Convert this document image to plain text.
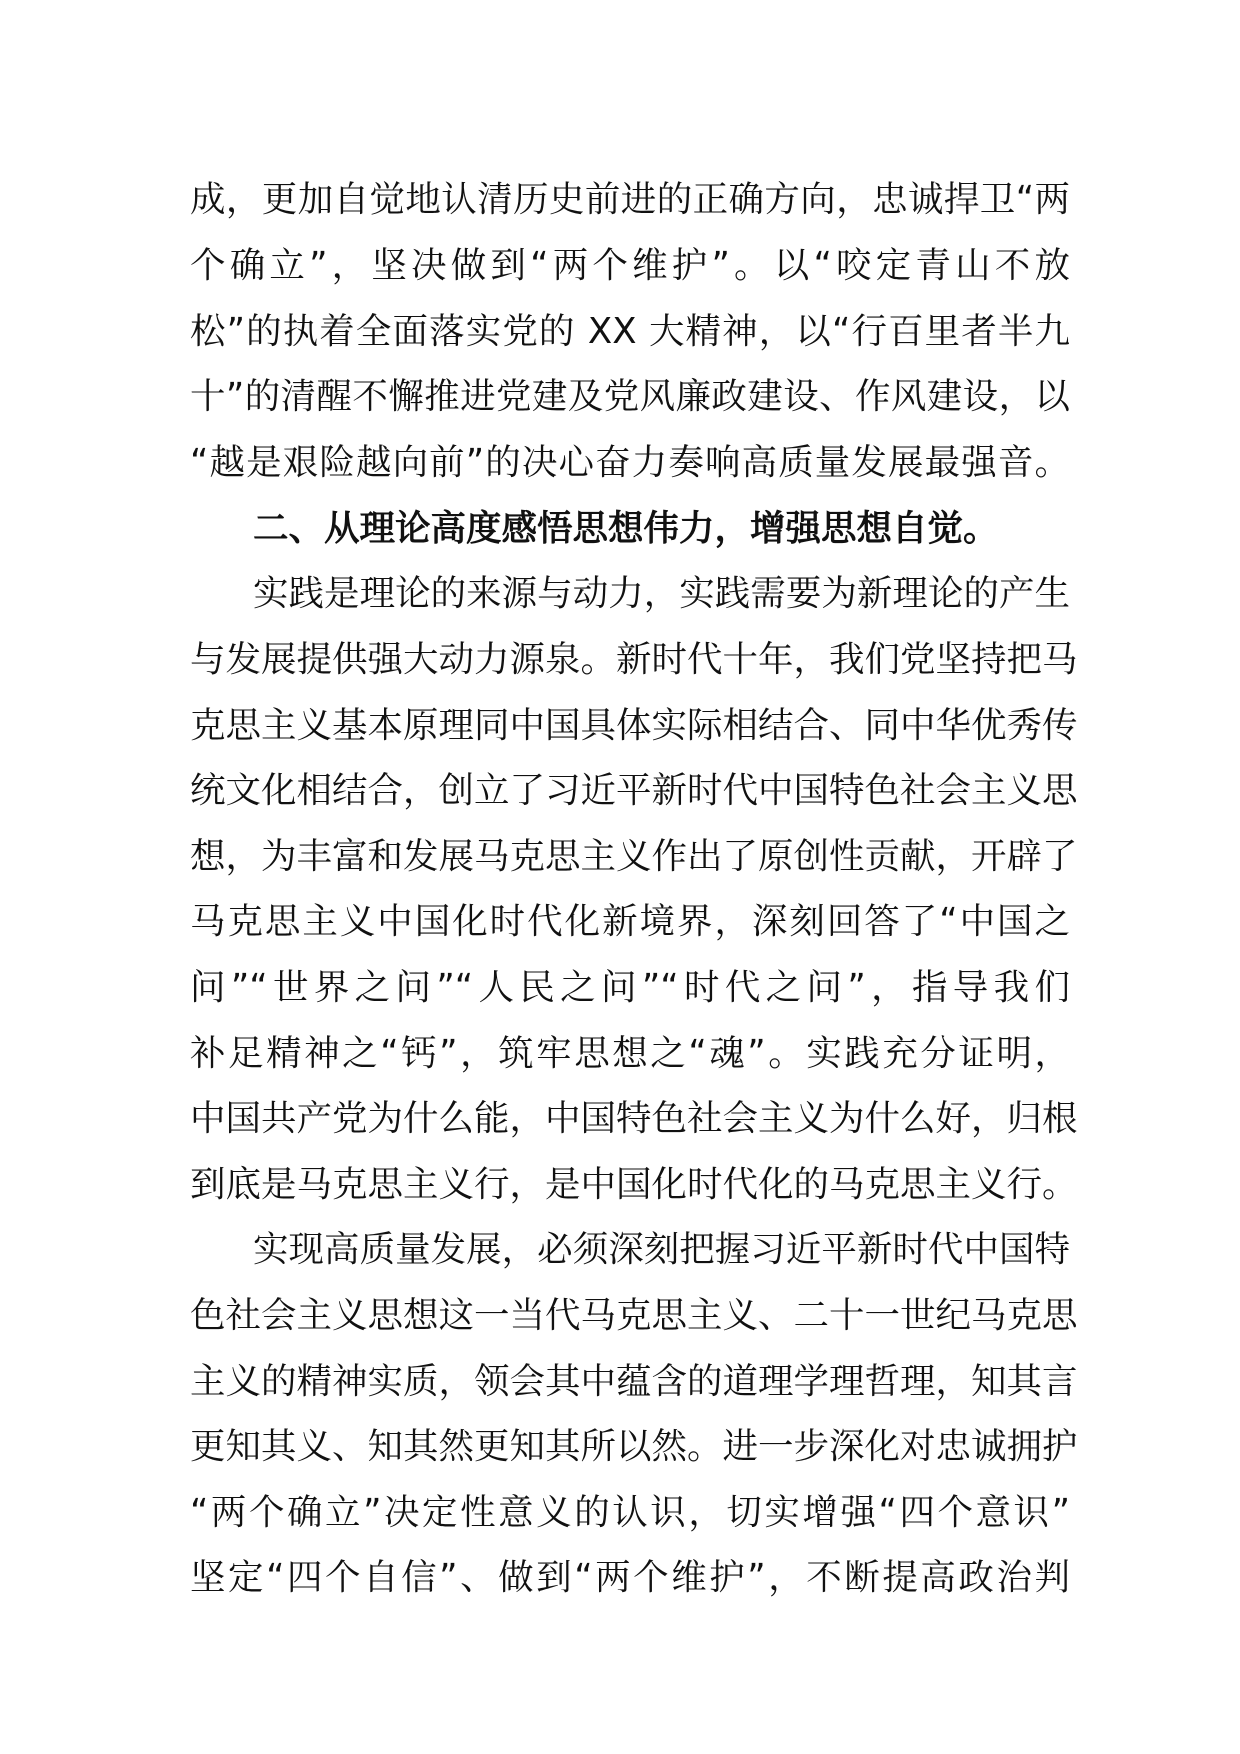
成，更加自觉地认清历史前进的正确方向，忠诚捍卫“两
个确立”，坚决做到“两个维护”。以“咬定青山不放
松”的执着全面落实党的 XX 大精神，以“行百里者半九
十”的清醒不懈推进党建及党风廉政建设、作风建设，以
“越是艰险越向前”的决心奋力奏响高质量发展最强音。
二、从理论高度感悟思想伟力，增强思想自觉。
实践是理论的来源与动力，实践需要为新理论的产生
与发展提供强大动力源泉。新时代十年，我们党坚持把马
克思主义基本原理同中国具体实际相结合、同中华优秀传
统文化相结合，创立了习近平新时代中国特色社会主义思
想，为丰富和发展马克思主义作出了原创性贡献，开辟了
马克思主义中国化时代化新境界，深刻回答了“中国之
问”“世界之问”“人民之问”“时代之问”，指导我们
补足精神之“钙”，筑牢思想之“魂”。实践充分证明，
中国共产党为什么能，中国特色社会主义为什么好，归根
到底是马克思主义行，是中国化时代化的马克思主义行。
实现高质量发展，必须深刻把握习近平新时代中国特
色社会主义思想这一当代马克思主义、二十一世纪马克思
主义的精神实质，领会其中蕴含的道理学理哲理，知其言
更知其义、知其然更知其所以然。进一步深化对忠诚拥护
“两个确立”决定性意义的认识，切实增强“四个意识”
坚定“四个自信”、做到“两个维护”，不断提高政治判
